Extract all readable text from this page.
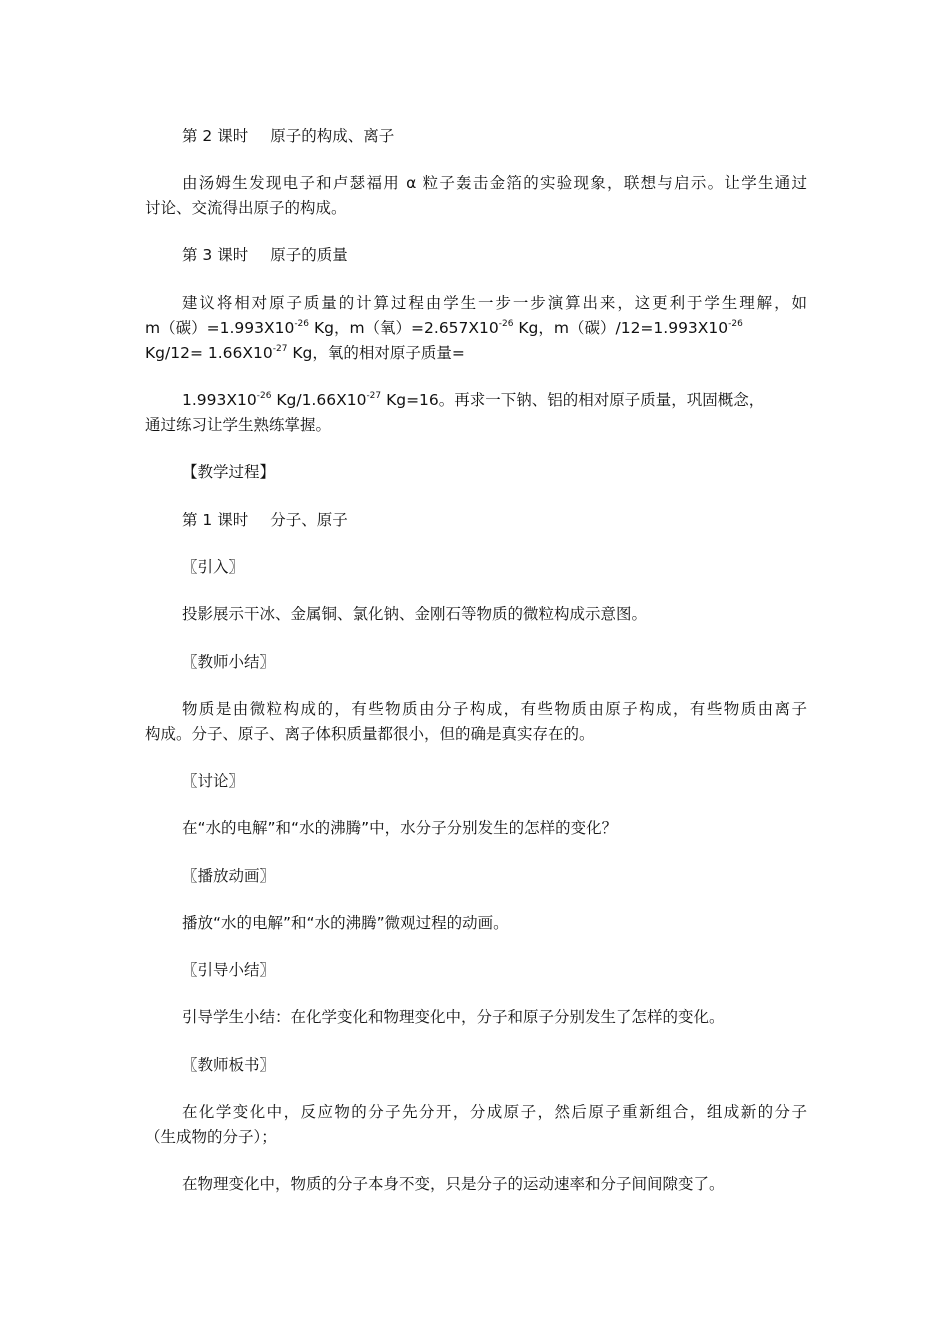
第 2 课时 原子的构成、离子
由汤姆生发现电子和卢瑟福用 α 粒子轰击金箔的实验现象，联想与启示。让学生通过
讨论、交流得出原子的构成。
第 3 课时 原子的质量
建议将相对原子质量的计算过程由学生一步一步演算出来，这更利于学生理解，如
m（碳）$=1.993X10^{-26}$ Kg，m（氧）$=2.657X10^{-26}$ Kg，m（碳）$/12=1.993X10^{-26}$
$Kg/12= 1.66X10^{-27}$ Kg，氧的相对原子质量=
$1.993X10^{-26}$ $Kg/1.66X10^{-27}$ Kg=16。再求一下钠、铝的相对原子质量，巩固概念，
通过练习让学生熟练掌握。
【教学过程】
第 1 课时 分子、原子
〖引入〗
投影展示干冰、金属铜、氯化钠、金刚石等物质的微粒构成示意图。
〖教师小结〗
物质是由微粒构成的，有些物质由分子构成，有些物质由原子构成，有些物质由离子
构成。分子、原子、离子体积质量都很小，但的确是真实存在的。
〖讨论〗
在“水的电解”和“水的沸腾”中，水分子分别发生的怎样的变化？
〖播放动画〗
播放“水的电解”和“水的沸腾”微观过程的动画。
〖引导小结〗
引导学生小结：在化学变化和物理变化中，分子和原子分别发生了怎样的变化。
〖教师板书〗
在化学变化中，反应物的分子先分开，分成原子，然后原子重新组合，组成新的分子
（生成物的分子）；
在物理变化中，物质的分子本身不变，只是分子的运动速率和分子间间隙变了。
